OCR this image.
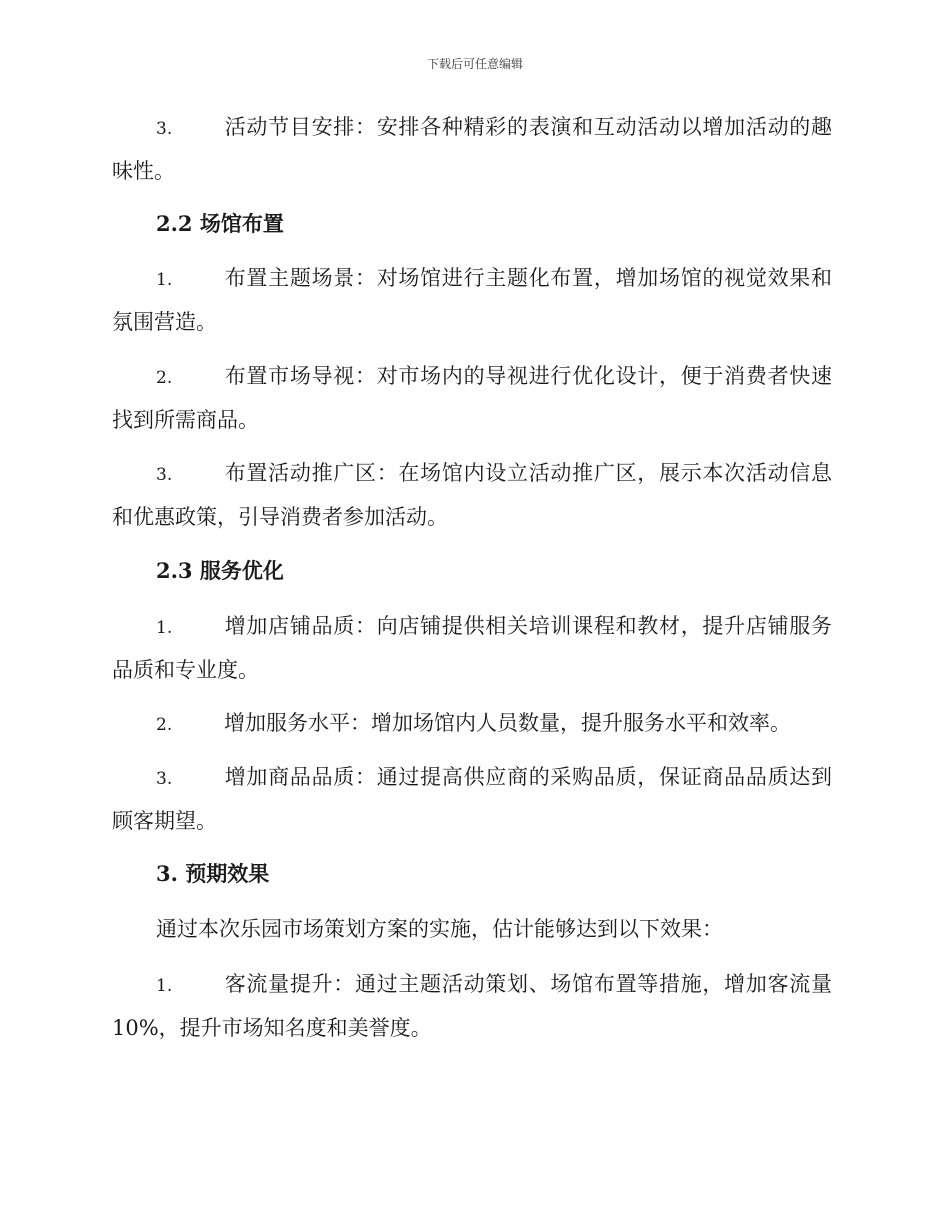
下载后可任意编辑
3. 活动节目安排：安排各种精彩的表演和互动活动以增加活动的趣味性。
2.2 场馆布置
1. 布置主题场景：对场馆进行主题化布置，增加场馆的视觉效果和氛围营造。
2. 布置市场导视：对市场内的导视进行优化设计，便于消费者快速找到所需商品。
3. 布置活动推广区：在场馆内设立活动推广区，展示本次活动信息和优惠政策，引导消费者参加活动。
2.3 服务优化
1. 增加店铺品质：向店铺提供相关培训课程和教材，提升店铺服务品质和专业度。
2. 增加服务水平：增加场馆内人员数量，提升服务水平和效率。
3. 增加商品品质：通过提高供应商的采购品质，保证商品品质达到顾客期望。
3. 预期效果
通过本次乐园市场策划方案的实施，估计能够达到以下效果：
1. 客流量提升：通过主题活动策划、场馆布置等措施，增加客流量10%，提升市场知名度和美誉度。
